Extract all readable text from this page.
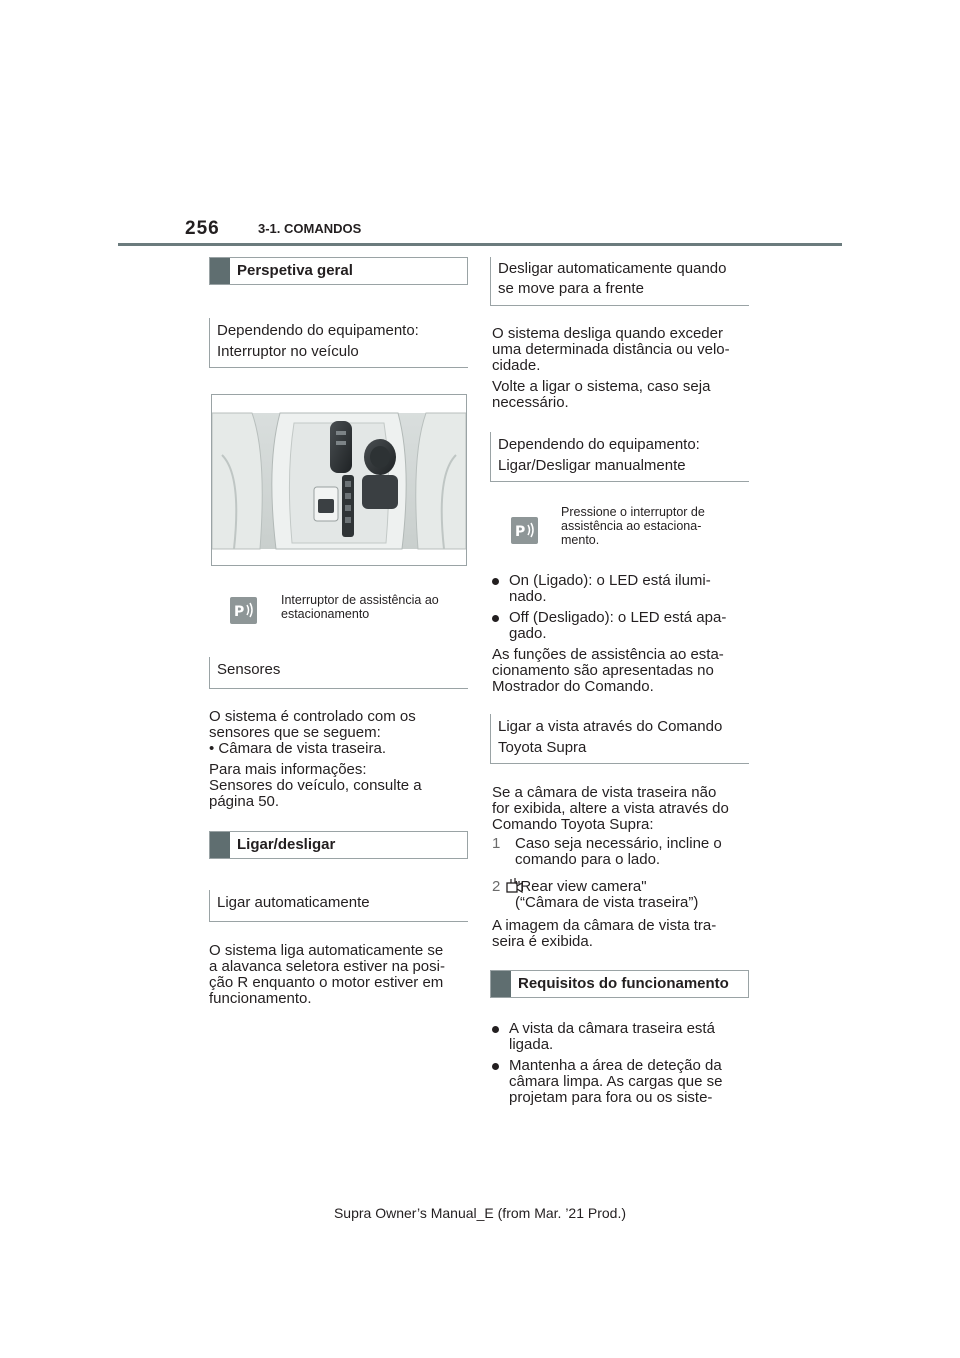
256	3-1. COMANDOS
Perspetiva geral
Dependendo do equipamento:
Interruptor no veículo
P
Interruptor de assistência ao
estacionamento
Sensores
O sistema é controlado com os
sensores que se seguem:
• Câmara de vista traseira.
Para mais informações:
Sensores do veículo, consulte a
página 50.
Ligar/desligar
Ligar automaticamente
O sistema liga automaticamente se
a alavanca seletora estiver na posi-
ção R enquanto o motor estiver em
funcionamento.
Desligar automaticamente quando
se move para a frente
O sistema desliga quando exceder
uma determinada distância ou velo-
cidade.
Volte a ligar o sistema, caso seja
necessário.
Dependendo do equipamento:
Ligar/Desligar manualmente
P
Pressione o interruptor de
assistência ao estaciona-
mento.
On (Ligado): o LED está ilumi-
nado.
Off (Desligado): o LED está apa-
gado.
As funções de assistência ao esta-
cionamento são apresentadas no
Mostrador do Comando.
Ligar a vista através do Comando
Toyota Supra
Se a câmara de vista traseira não
for exibida, altere a vista através do
Comando Toyota Supra:
1 Caso seja necessário, incline o
comando para o lado.
2 "Rear view camera"
(“Câmara de vista traseira”)
A imagem da câmara de vista tra-
seira é exibida.
Requisitos do funcionamento
A vista da câmara traseira está
ligada.
Mantenha a área de deteção da
câmara limpa. As cargas que se
projetam para fora ou os siste-
Supra Owner’s Manual_E (from Mar. ’21 Prod.)
